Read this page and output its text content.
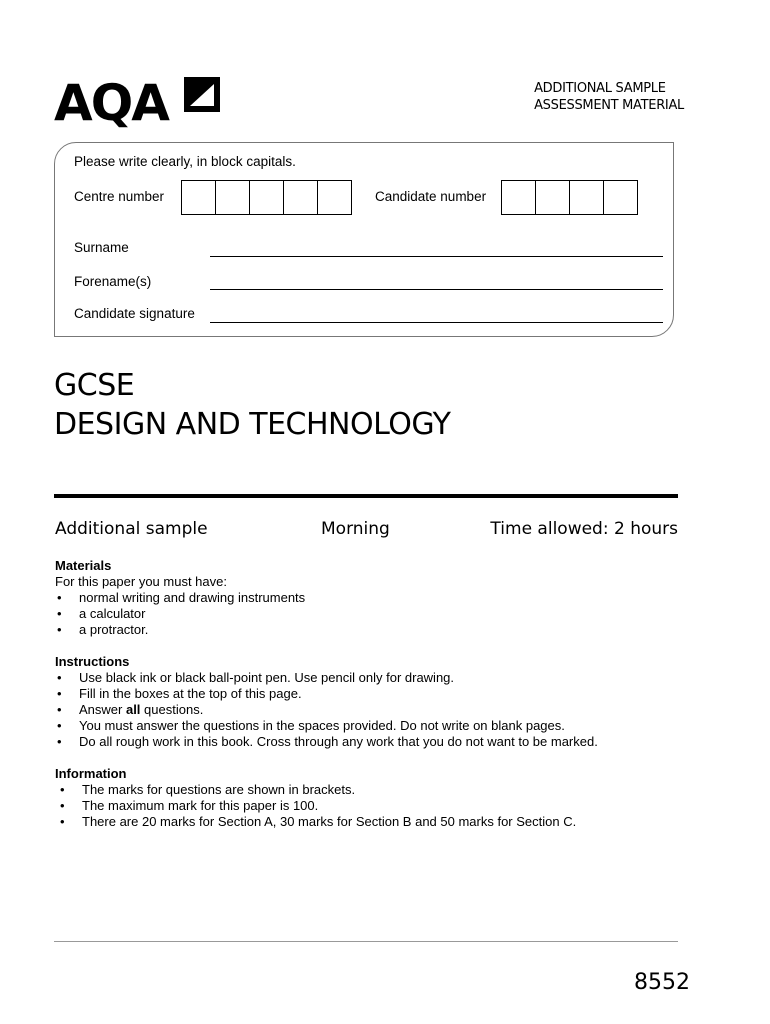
AQA	ADDITIONAL SAMPLE
ASSESSMENT MATERIAL
Please write clearly, in block capitals.
Centre number	Candidate number
Surname
Forename(s)
Candidate signature
GCSE
DESIGN AND TECHNOLOGY
Additional sample	Morning	Time allowed: 2 hours
Materials
For this paper you must have:
• normal writing and drawing instruments
• a calculator
• a protractor.
Instructions
• Use black ink or black ball-point pen. Use pencil only for drawing.
• Fill in the boxes at the top of this page.
• Answer all questions.
• You must answer the questions in the spaces provided. Do not write on blank pages.
• Do all rough work in this book. Cross through any work that you do not want to be marked.
Information
• The marks for questions are shown in brackets.
• The maximum mark for this paper is 100.
• There are 20 marks for Section A, 30 marks for Section B and 50 marks for Section C.
8552
